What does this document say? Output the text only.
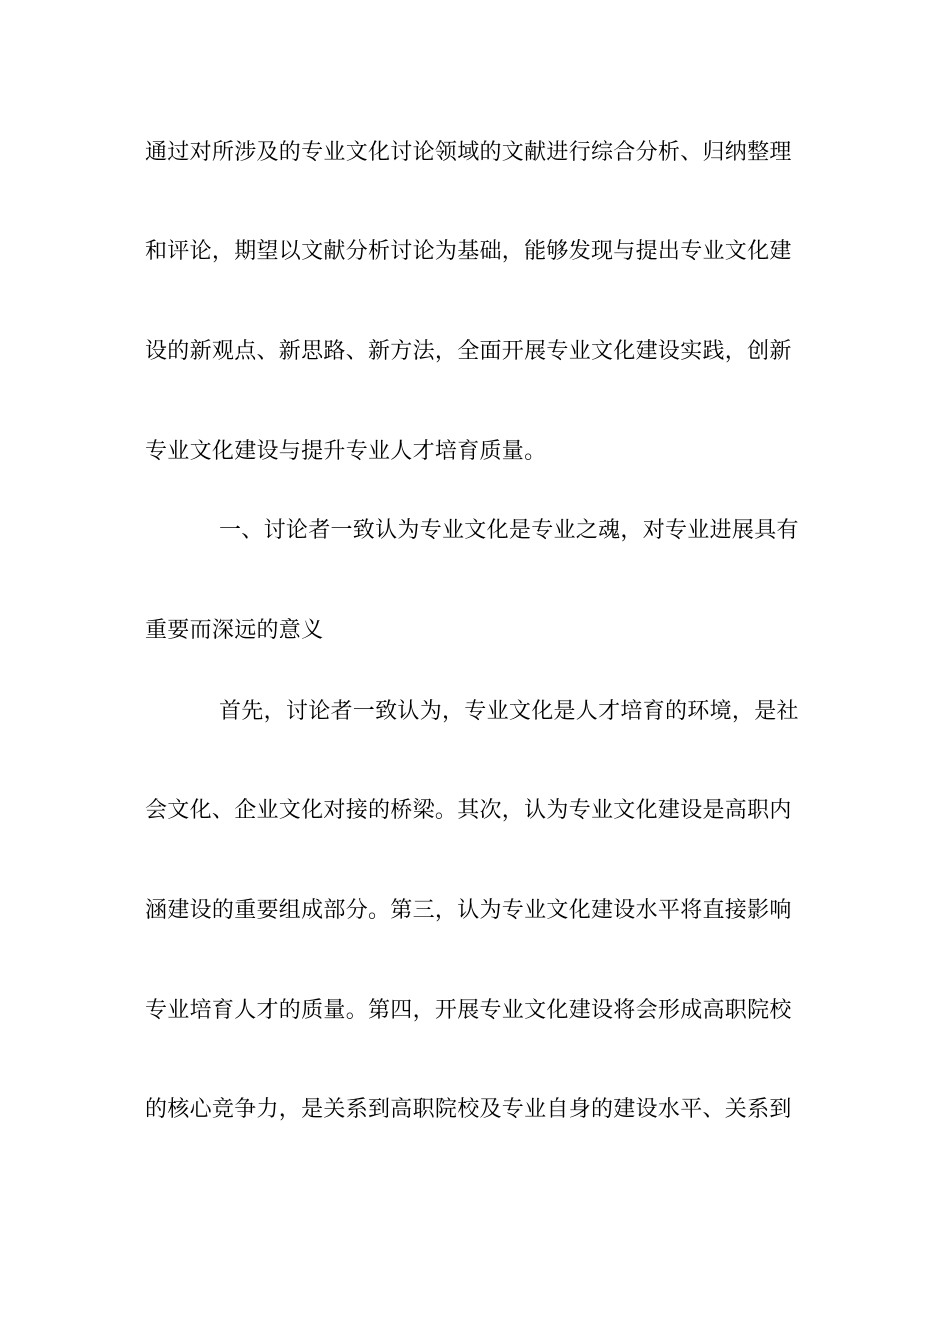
通过对所涉及的专业文化讨论领域的文献进行综合分析、归纳整理
和评论，期望以文献分析讨论为基础，能够发现与提出专业文化建
设的新观点、新思路、新方法，全面开展专业文化建设实践，创新
专业文化建设与提升专业人才培育质量。
一、讨论者一致认为专业文化是专业之魂，对专业进展具有
重要而深远的意义
首先，讨论者一致认为，专业文化是人才培育的环境，是社
会文化、企业文化对接的桥梁。其次，认为专业文化建设是高职内
涵建设的重要组成部分。第三，认为专业文化建设水平将直接影响
专业培育人才的质量。第四，开展专业文化建设将会形成高职院校
的核心竞争力，是关系到高职院校及专业自身的建设水平、关系到
